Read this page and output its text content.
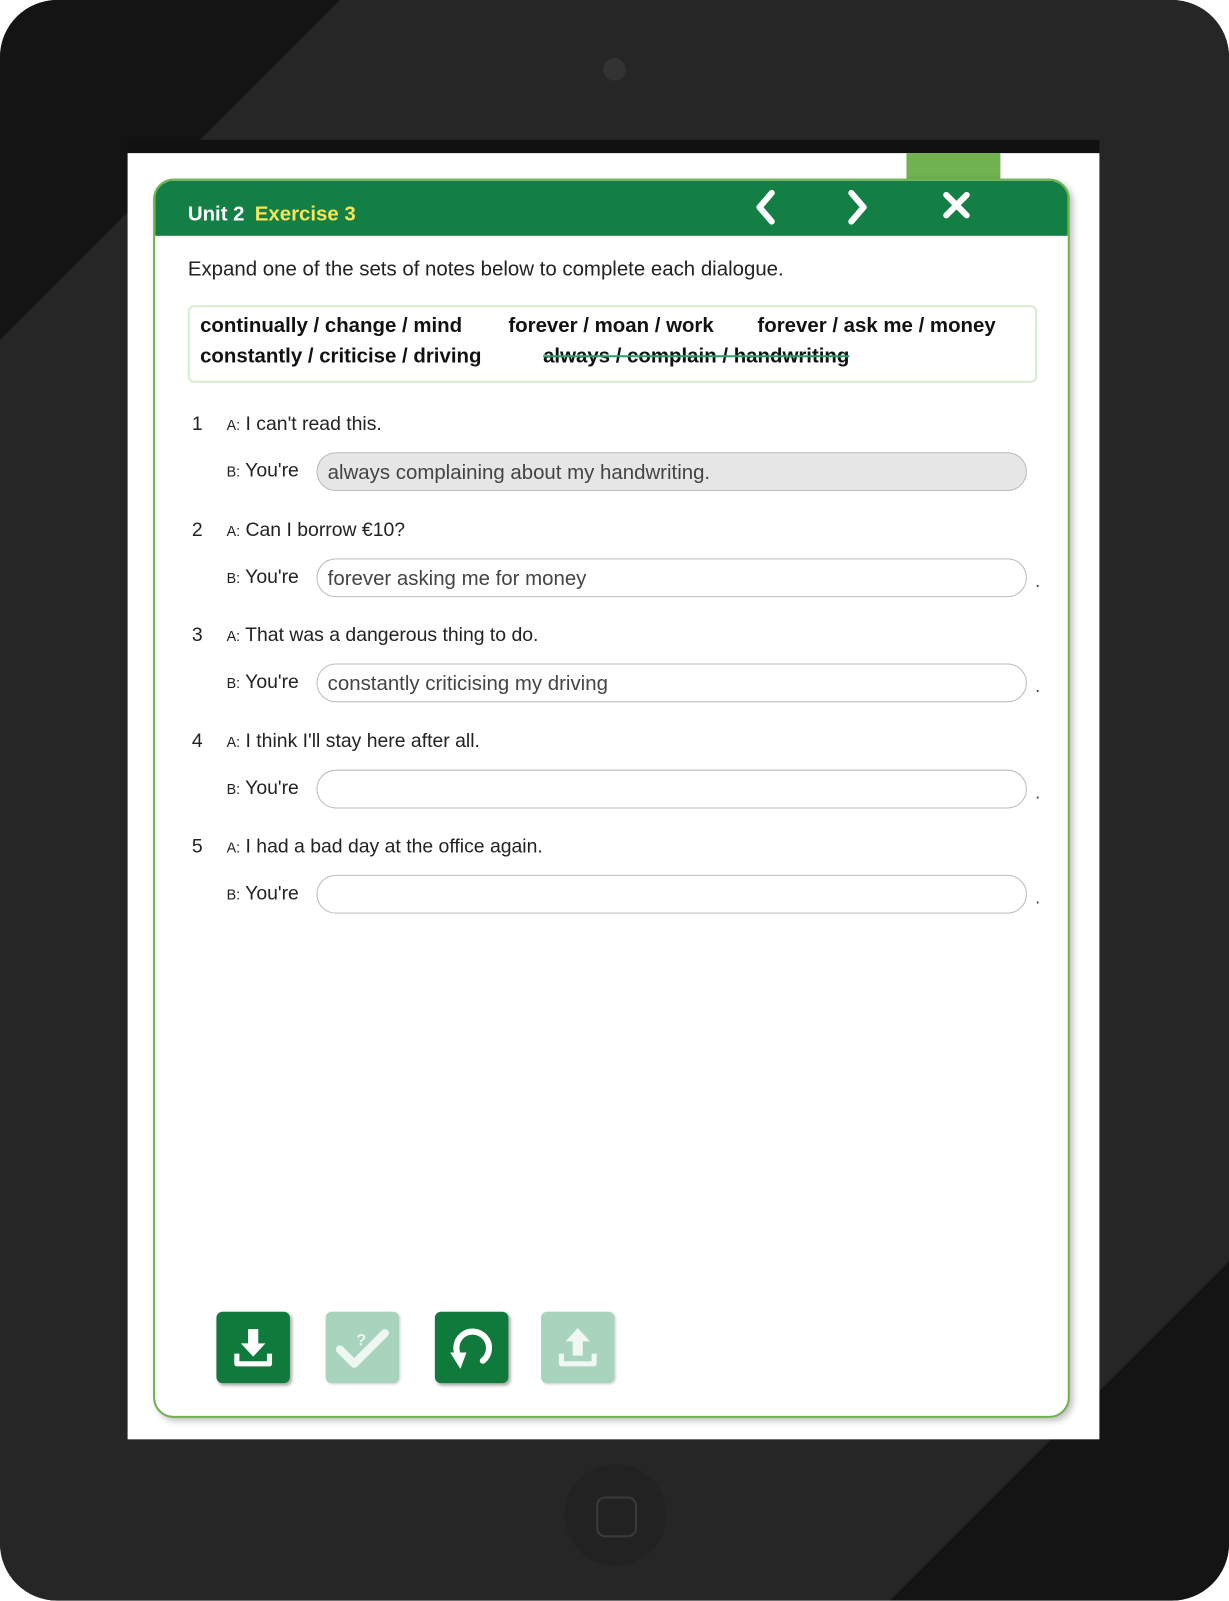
Unit 2 Exercise 3
Expand one of the sets of notes below to complete each dialogue.
continually / change / mind forever / moan / work forever / ask me / money
constantly / criticise / driving	always / complain / handwriting
1 A: I can't read this.
B: You're	always complaining about my handwriting.
2 A: Can I borrow €10?
B: You're	forever asking me for money	.
3 A: That was a dangerous thing to do.
B: You're	constantly criticising my driving	.
4 A: I think I'll stay here after all.
B: You're	.
5 A: I had a bad day at the office again.
B: You're	.
?
